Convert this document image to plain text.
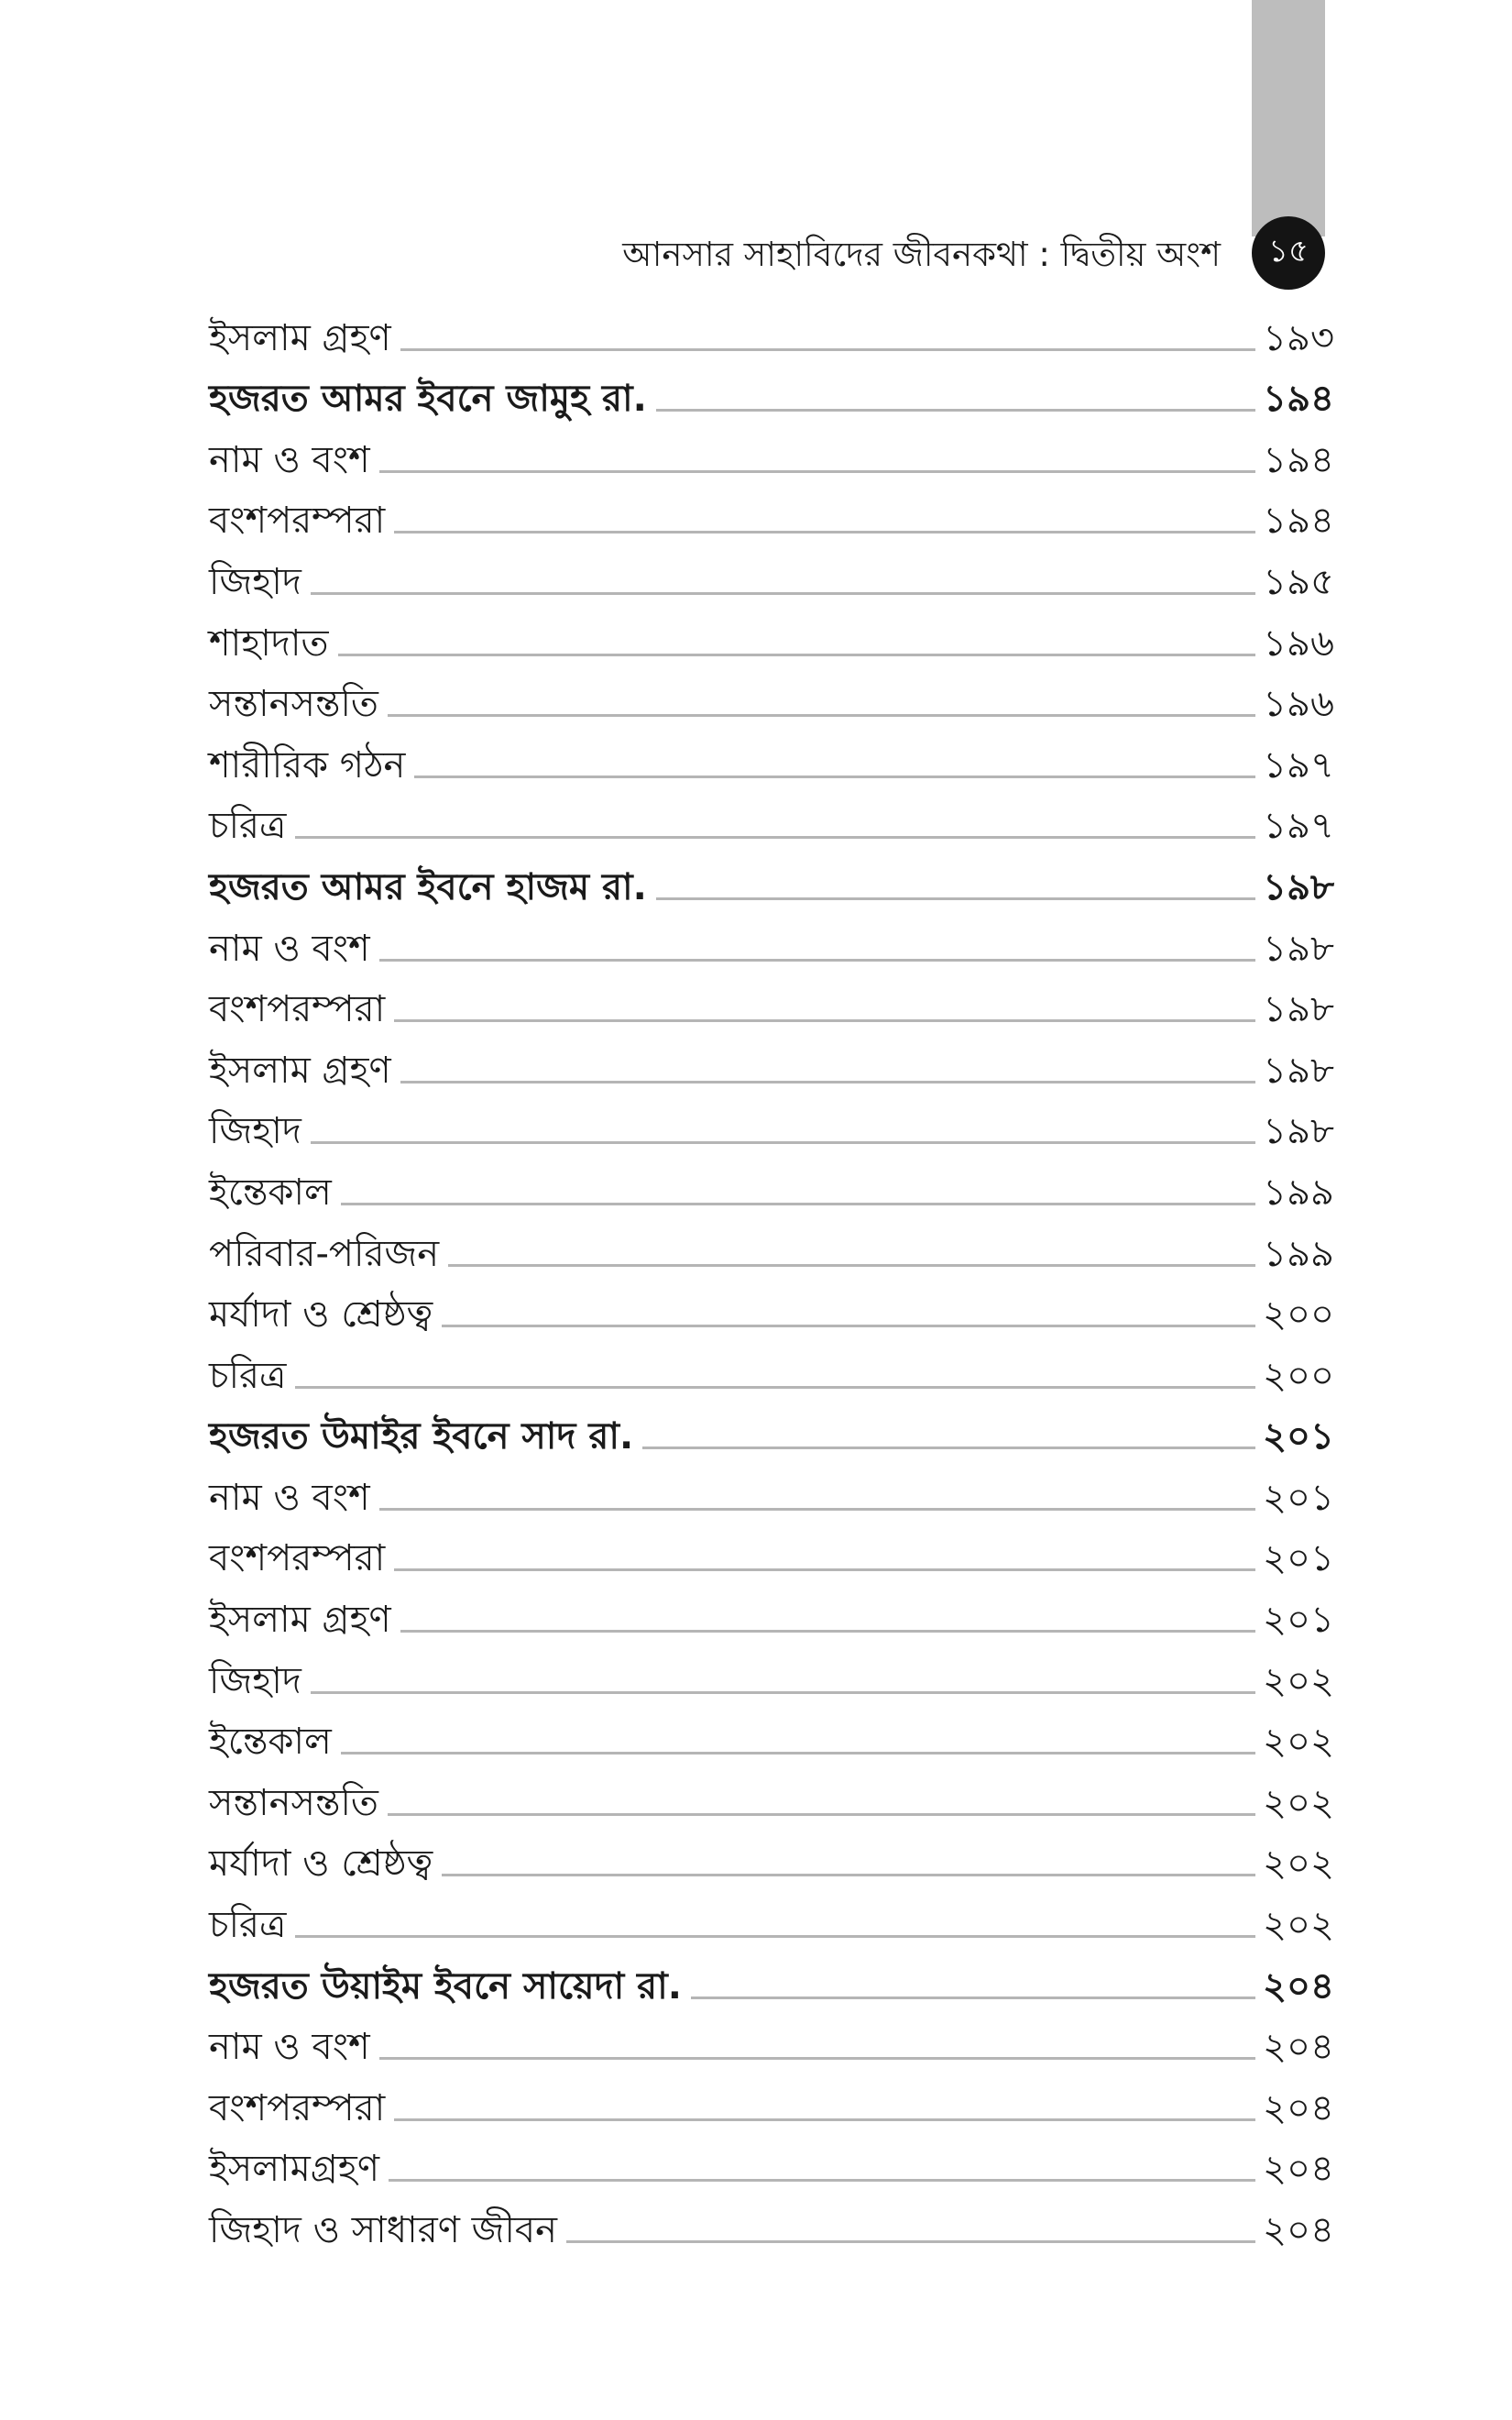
১৫
আনসার সাহাবিদের জীবনকথা : দ্বিতীয় অংশ
ইসলাম গ্রহণ	১৯৩
হজরত আমর ইবনে জামুহ রা.	১৯৪
নাম ও বংশ	১৯৪
বংশপরম্পরা	১৯৪
জিহাদ	১৯৫
শাহাদাত	১৯৬
সন্তানসন্ততি	১৯৬
শারীরিক গঠন	১৯৭
চরিত্র	১৯৭
হজরত আমর ইবনে হাজম রা.	১৯৮
নাম ও বংশ	১৯৮
বংশপরম্পরা	১৯৮
ইসলাম গ্রহণ	১৯৮
জিহাদ	১৯৮
ইন্তেকাল	১৯৯
পরিবার-পরিজন	১৯৯
মর্যাদা ও শ্রেষ্ঠত্ব	২০০
চরিত্র	২০০
হজরত উমাইর ইবনে সাদ রা.	২০১
নাম ও বংশ	২০১
বংশপরম্পরা	২০১
ইসলাম গ্রহণ	২০১
জিহাদ	২০২
ইন্তেকাল	২০২
সন্তানসন্ততি	২০২
মর্যাদা ও শ্রেষ্ঠত্ব	২০২
চরিত্র	২০২
হজরত উয়াইম ইবনে সায়েদা রা.	২০৪
নাম ও বংশ	২০৪
বংশপরম্পরা	২০৪
ইসলামগ্রহণ	২০৪
জিহাদ ও সাধারণ জীবন	২০৪
